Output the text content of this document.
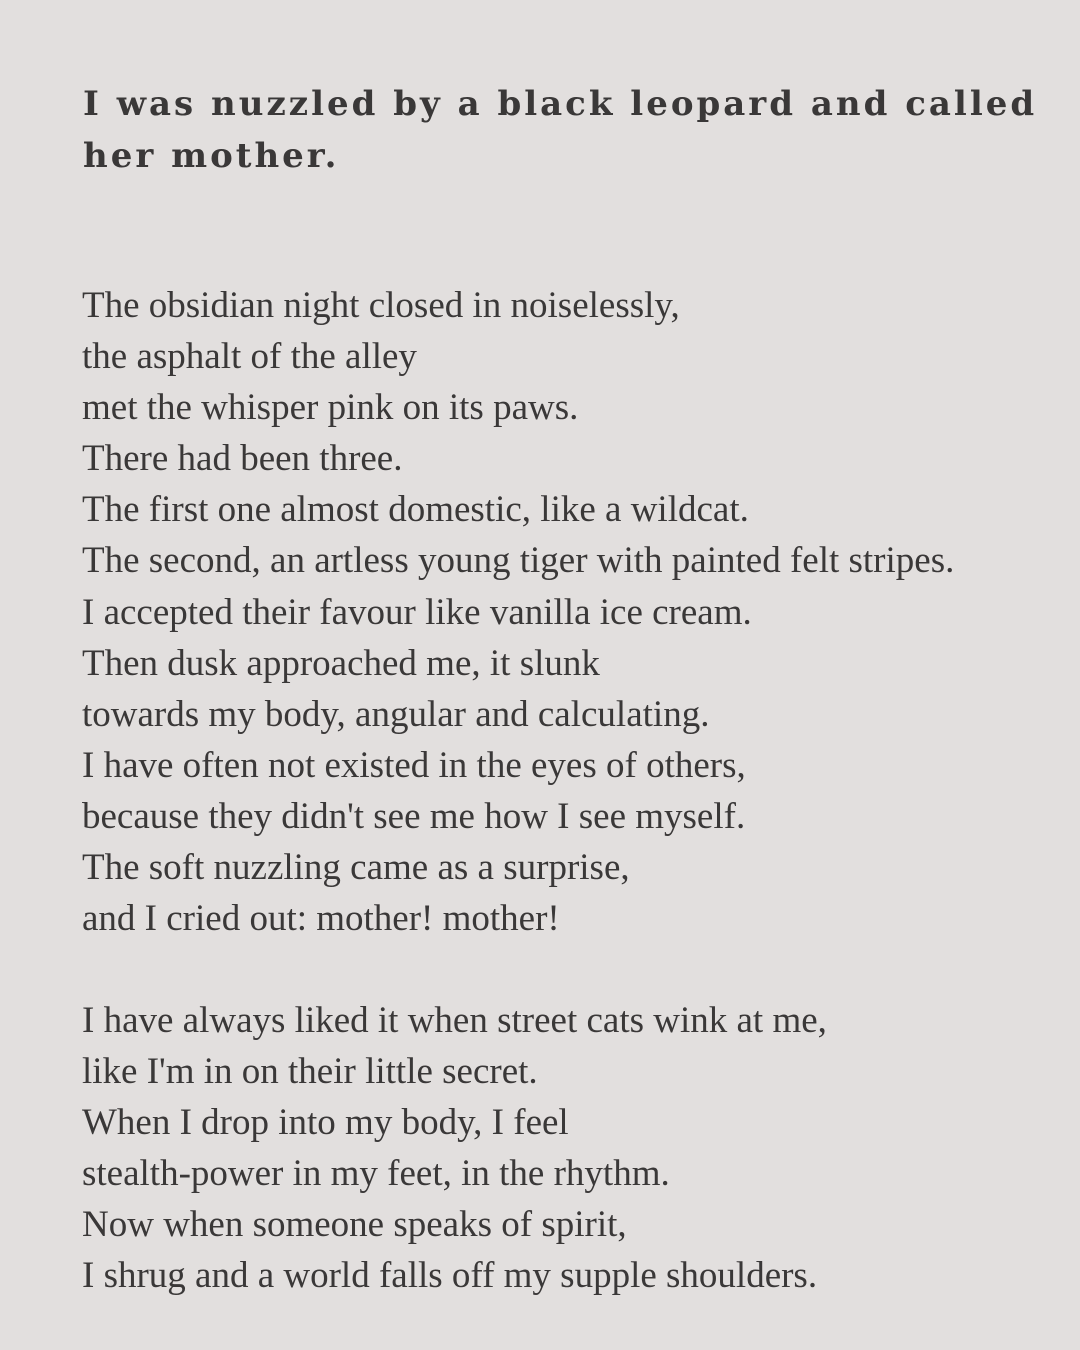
I was nuzzled by a black leopard and called her mother.
The obsidian night closed in noiselessly,
the asphalt of the alley
met the whisper pink on its paws.
There had been three.
The first one almost domestic, like a wildcat.
The second, an artless young tiger with painted felt stripes.
I accepted their favour like vanilla ice cream.
Then dusk approached me, it slunk
towards my body, angular and calculating.
I have often not existed in the eyes of others,
because they didn't see me how I see myself.
The soft nuzzling came as a surprise,
and I cried out: mother! mother!
I have always liked it when street cats wink at me,
like I'm in on their little secret.
When I drop into my body, I feel
stealth-power in my feet, in the rhythm.
Now when someone speaks of spirit,
I shrug and a world falls off my supple shoulders.
